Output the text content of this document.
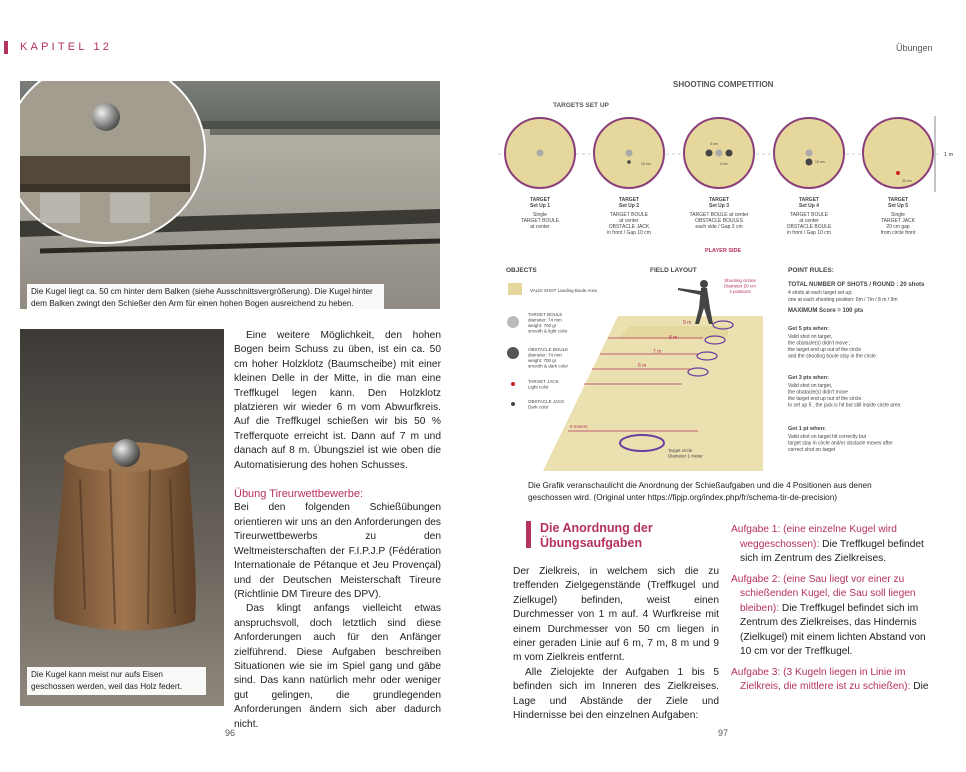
KAPITEL 12	Übungen
Die Kugel liegt ca. 50 cm hinter dem Balken (siehe Ausschnittsvergrößerung). Die Kugel hinter dem Balken zwingt den Schießer den Arm für einen hohen Bogen ausreichend zu heben.
Die Kugel kann meist nur aufs Eisen geschossen werden, weil das Holz federt.

Eine weitere Möglichkeit, den hohen Bogen beim Schuss zu üben, ist ein ca. 50 cm hoher Holzklotz (Baumscheibe) mit einer kleinen Delle in der Mitte, in die man eine Treffkugel legen kann. Den Holzklotz platzieren wir wieder 6 m vom Abwurfkreis. Auf die Treffkugel schießen wir bis 50 % Trefferquote erreicht ist. Dann auf 7 m und danach auf 8 m. Übungsziel ist wie oben die Automatisierung des hohen Schusses.

Übung Tireurwettbewerbe:

Bei den folgenden Schießübungen orientieren wir uns an den Anforderungen des Tireurwettbewerbs zu den Weltmeisterschaften der F.I.P.J.P (Fédération Internationale de Pétanque et Jeu Provençal) und der Deutschen Meisterschaft Tireure (Richtlinie DM Tireure des DPV).

Das klingt anfangs vielleicht etwas anspruchsvoll, doch letztlich sind diese Anforderungen auch für den Anfänger zielführend. Diese Aufgaben beschreiben Situationen wie sie im Spiel gang und gäbe sind. Das kann natürlich mehr oder weniger gut gelingen, die grundlegenden Anforderungen ändern sich aber dadurch nicht.

96
SHOOTING COMPETITION
TARGETS SET UP
1 m
10 cm
3 cm
3 cm	10 cm
20 cm
TARGET Set Up 1
Single TARGET BOULE at center
TARGET Set Up 2
TARGET BOULE at center OBSTACLE JACK in front / Gap 10 cm
TARGET Set Up 3
TARGET BOULE at center OBSTACLE BOULES each side / Gap 3 cm
TARGET Set Up 4
TARGET BOULE at center OBSTACLE BOULE in front / Gap 10 cm
TARGET Set Up 5
Single TARGET JACK 20 cm gap from circle front
PLAYER SIDE
OBJECTS
VALID SHOT Landing Boule Area
TARGET BOULE diameter: 74 mm weight: 700 gr smooth & light color
OBSTACLE BOULE diameter: 74 mm weight: 700 gr smooth & dark color
TARGET JACK Light color
OBSTACLE JACK Dark color
FIELD LAYOUT
Shooting circles Diameter 50 cm 4 positions
9 m
8 m
7 m
6 m
9 meters
Target circle Diameter 1 meter
POINT RULES:
TOTAL NUMBER OF SHOTS / ROUND : 20 shots
4 shots at each target set up; one at each shooting position: 6m / 7m / 8 m / 9m
MAXIMUM Score = 100 pts
Get 5 pts when:
Valid shot on target, the obstacle(s) didn't move ; the target end up out of the circle and the shooting boule stay in the circle.
Get 3 pts when:
Valid shot on target, the obatacle(s) didn't move the target end up out of the circle. In set up 5 , the jack is hit but still inside circle area
Get 1 pt when:
Valid shot on target hit correctly but target stay in circle and/or obstacle moves after correct shot on target
Die Grafik veranschaulicht die Anordnung der Schießaufgaben und die 4 Positionen aus denen geschossen wird. (Original unter https://fipjp.org/index.php/fr/schema-tir-de-precision)
Die Anordnung der Übungsaufgaben

Der Zielkreis, in welchem sich die zu treffenden Zielgegenstände (Treffkugel und Zielkugel) befinden, weist einen Durchmesser von 1 m auf. 4 Wurfkreise mit einem Durchmesser von 50 cm liegen in einer geraden Linie auf 6 m, 7 m, 8 m und 9 m vom Zielkreis entfernt.

Alle Zielojekte der Aufgaben 1 bis 5 befinden sich im Inneren des Zielkreises. Lage und Abstände der Ziele und Hindernisse bei den einzelnen Aufgaben:

Aufgabe 1: (eine einzelne Kugel wird weggeschossen): Die Treffkugel befindet sich im Zentrum des Zielkreises.

Aufgabe 2: (eine Sau liegt vor einer zu schießenden Kugel, die Sau soll liegen bleiben): Die Treffkugel befindet sich im Zentrum des Zielkreises, das Hindernis (Zielkugel) mit einem lichten Abstand von 10 cm vor der Treffkugel.

Aufgabe 3: (3 Kugeln liegen in Linie im Zielkreis, die mittlere ist zu schießen): Die

97
